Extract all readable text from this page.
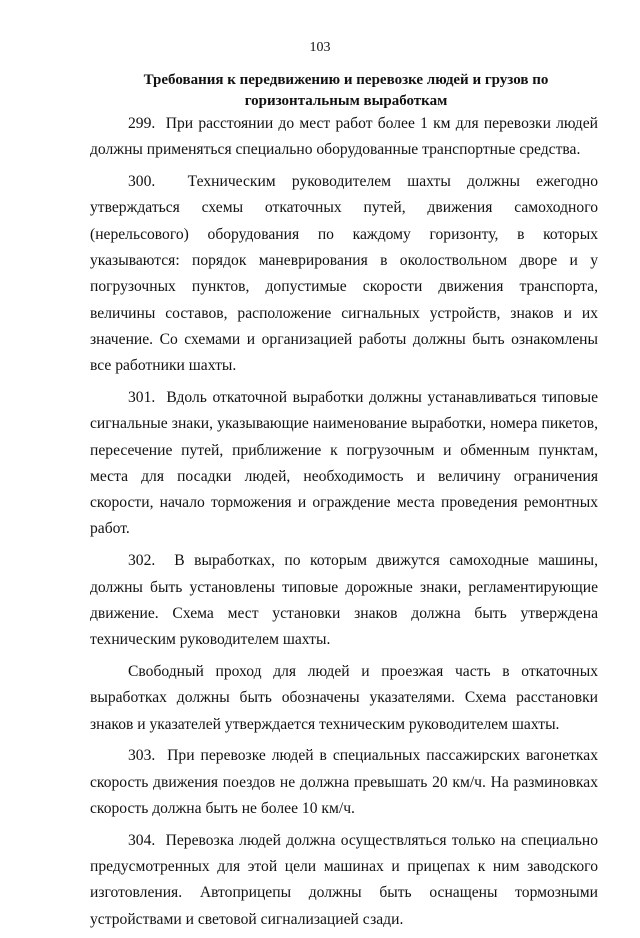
103
Требования к передвижению и перевозке людей и грузов по горизонтальным выработкам

299.  При расстоянии до мест работ более 1 км для перевозки людей должны применяться специально оборудованные транспортные средства.

300.  Техническим руководителем шахты должны ежегодно утверждаться схемы откаточных путей, движения самоходного (нерельсового) оборудования по каждому горизонту, в которых указываются: порядок маневрирования в околоствольном дворе и у погрузочных пунктов, допустимые скорости движения транспорта, величины составов, расположение сигнальных устройств, знаков и их значение. Со схемами и организацией работы должны быть ознакомлены все работники шахты.

301.  Вдоль откаточной выработки должны устанавливаться типовые сигнальные знаки, указывающие наименование выработки, номера пикетов, пересечение путей, приближение к погрузочным и обменным пунктам, места для посадки людей, необходимость и величину ограничения скорости, начало торможения и ограждение места проведения ремонтных работ.

302.  В выработках, по которым движутся самоходные машины, должны быть установлены типовые дорожные знаки, регламентирующие движение. Схема мест установки знаков должна быть утверждена техническим руководителем шахты.

Свободный проход для людей и проезжая часть в откаточных выработках должны быть обозначены указателями. Схема расстановки знаков и указателей утверждается техническим руководителем шахты.

303.  При перевозке людей в специальных пассажирских вагонетках скорость движения поездов не должна превышать 20 км/ч. На разминовках скорость должна быть не более 10 км/ч.

304.  Перевозка людей должна осуществляться только на специально предусмотренных для этой цели машинах и прицепах к ним заводского изготовления. Автоприцепы должны быть оснащены тормозными устройствами и световой сигнализацией сзади.
